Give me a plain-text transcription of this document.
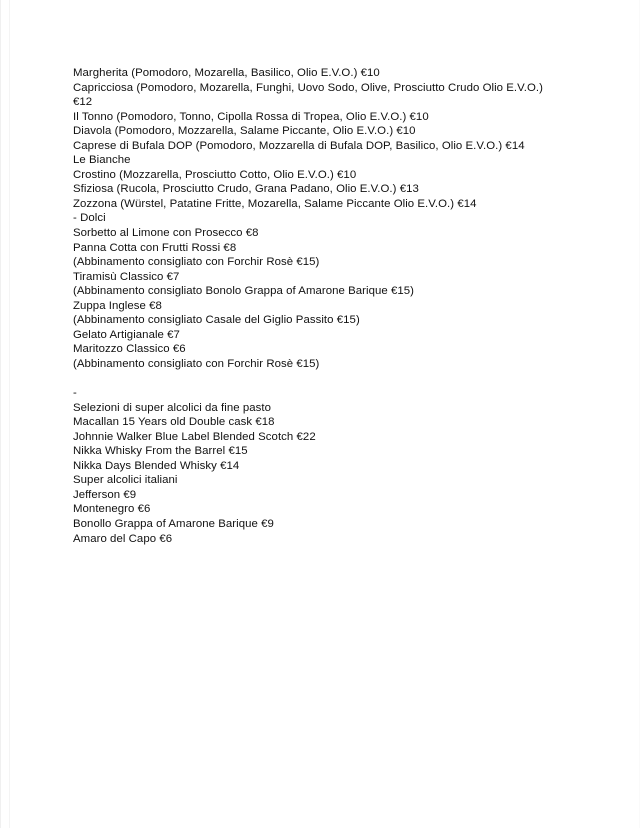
Margherita (Pomodoro, Mozarella, Basilico, Olio E.V.O.) €10
Capricciosa (Pomodoro, Mozarella, Funghi, Uovo Sodo, Olive, Prosciutto Crudo Olio E.V.O.)
€12
Il Tonno (Pomodoro, Tonno, Cipolla Rossa di Tropea, Olio E.V.O.) €10
Diavola (Pomodoro, Mozzarella, Salame Piccante, Olio E.V.O.) €10
Caprese di Bufala DOP (Pomodoro, Mozzarella di Bufala DOP, Basilico, Olio E.V.O.) €14
Le Bianche
Crostino (Mozzarella, Prosciutto Cotto, Olio E.V.O.) €10
Sfiziosa (Rucola, Prosciutto Crudo, Grana Padano, Olio E.V.O.) €13
Zozzona (Würstel, Patatine Fritte, Mozarella, Salame Piccante Olio E.V.O.) €14
- Dolci
Sorbetto al Limone con Prosecco €8
Panna Cotta con Frutti Rossi €8
(Abbinamento consigliato con Forchir Rosè €15)
Tiramisù Classico €7
(Abbinamento consigliato Bonolo Grappa of Amarone Barique €15)
Zuppa Inglese €8
(Abbinamento consigliato Casale del Giglio Passito €15)
Gelato Artigianale €7
Maritozzo Classico €6
(Abbinamento consigliato con Forchir Rosè €15)
-
Selezioni di super alcolici da fine pasto
Macallan 15 Years old Double cask €18
Johnnie Walker Blue Label Blended Scotch €22
Nikka Whisky From the Barrel €15
Nikka Days Blended Whisky €14
Super alcolici italiani
Jefferson €9
Montenegro €6
Bonollo Grappa of Amarone Barique €9
Amaro del Capo €6
